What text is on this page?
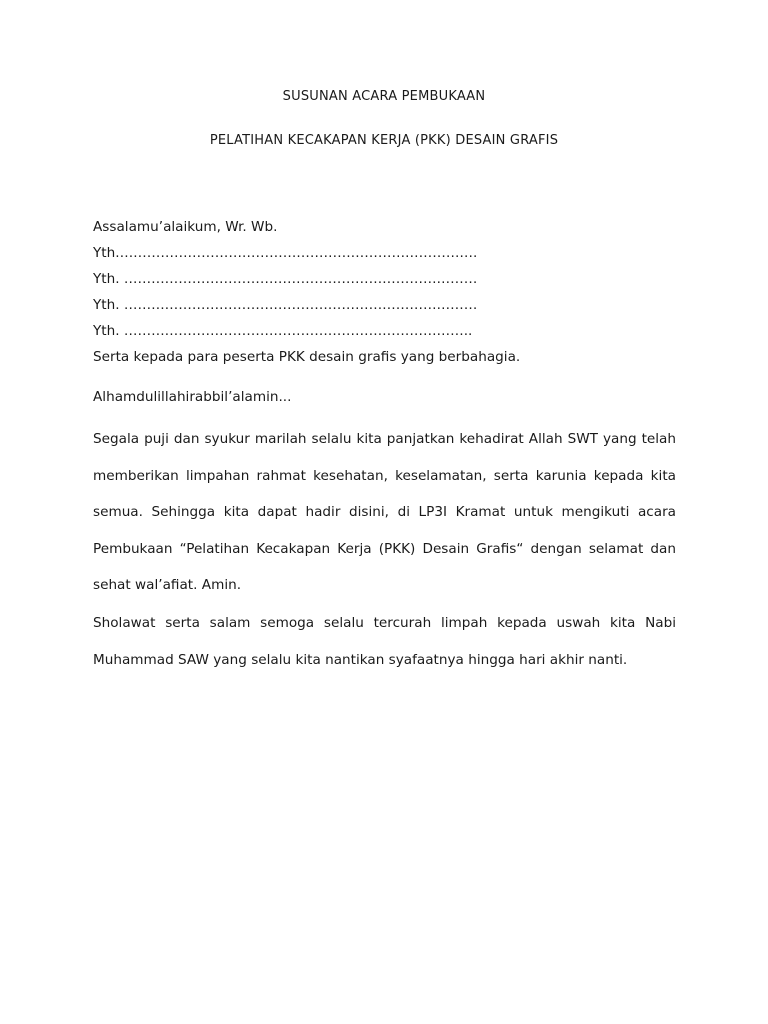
SUSUNAN ACARA PEMBUKAAN
PELATIHAN KECAKAPAN KERJA (PKK) DESAIN GRAFIS
Assalamu’alaikum, Wr. Wb.
Yth.…………………………………………………………………….
Yth. ……………………………………………………………………
Yth. ……………………………………………………………………
Yth. …………………………………………………………………..
Serta kepada para peserta PKK desain grafis yang berbahagia.
Alhamdulillahirabbil’alamin...
Segala puji dan syukur marilah selalu kita panjatkan kehadirat Allah SWT yang telah memberikan limpahan rahmat kesehatan, keselamatan, serta karunia kepada kita semua. Sehingga kita dapat hadir disini, di LP3I Kramat untuk mengikuti acara Pembukaan “Pelatihan Kecakapan Kerja (PKK) Desain Grafis“ dengan selamat dan sehat wal’afiat. Amin.
Sholawat serta salam semoga selalu tercurah limpah kepada uswah kita Nabi Muhammad SAW yang selalu kita nantikan syafaatnya hingga hari akhir nanti.
